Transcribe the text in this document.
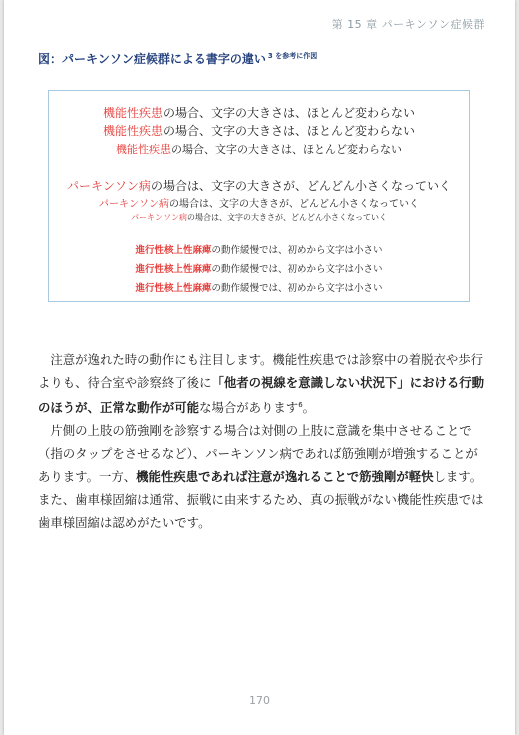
第 15 章 パーキンソン症候群
図：パーキンソン症候群による書字の違い $^{3 を参考に作図}$
機能性疾患の場合、文字の大きさは、ほとんど変わらない
機能性疾患の場合、文字の大きさは、ほとんど変わらない
機能性疾患の場合、文字の大きさは、ほとんど変わらない
パーキンソン病の場合は、文字の大きさが、どんどん小さくなっていく
パーキンソン病の場合は、文字の大きさが、どんどん小さくなっていく
パーキンソン病の場合は、文字の大きさが、どんどん小さくなっていく
進行性核上性麻痺の動作緩慢では、初めから文字は小さい
進行性核上性麻痺の動作緩慢では、初めから文字は小さい
進行性核上性麻痺の動作緩慢では、初めから文字は小さい

注意が逸れた時の動作にも注目します。機能性疾患では診察中の着脱衣や歩行よりも、待合室や診察終了後に「他者の視線を意識しない状況下」における行動のほうが、正常な動作が可能な場合があります$^6$。

片側の上肢の筋強剛を診察する場合は対側の上肢に意識を集中させることで（指のタップをさせるなど）、パーキンソン病であれば筋強剛が増強することがあります。一方、機能性疾患であれば注意が逸れることで筋強剛が軽快します。また、歯車様固縮は通常、振戦に由来するため、真の振戦がない機能性疾患では歯車様固縮は認めがたいです。

170
